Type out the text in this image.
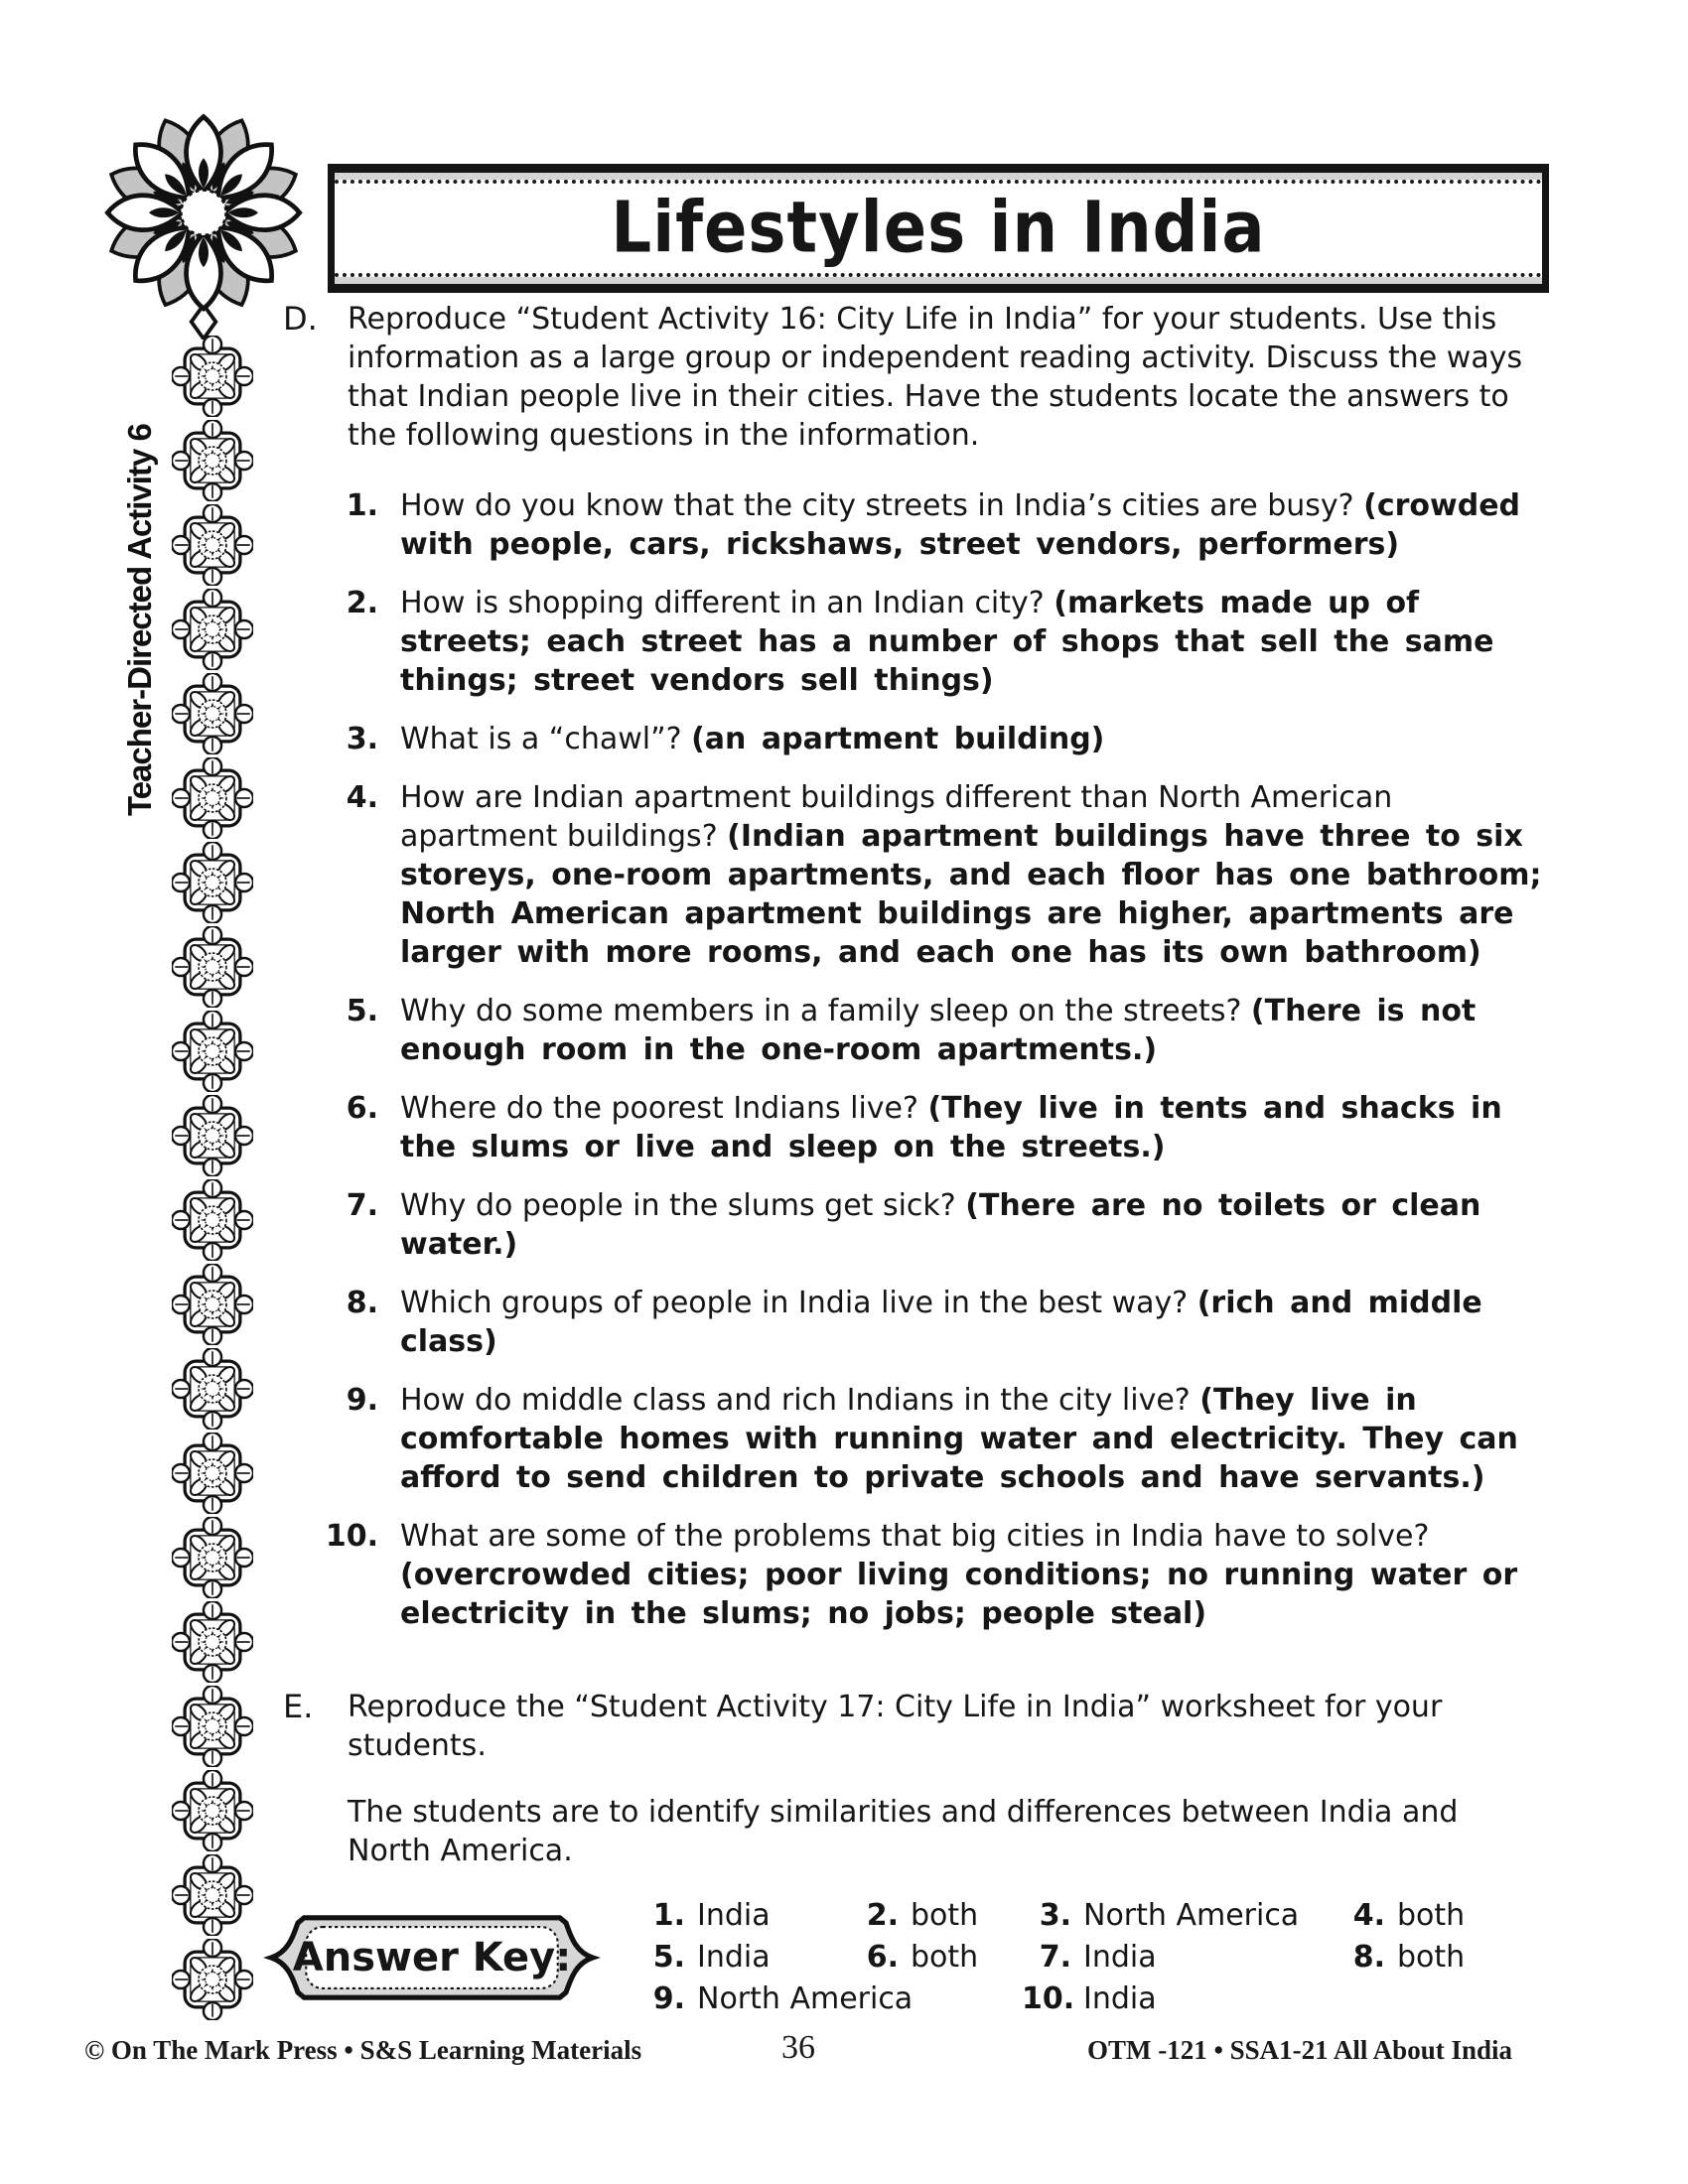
Lifestyles in India
Teacher-Directed Activity 6
D.	Reproduce “Student Activity 16: City Life in India” for your students. Use this information as a large group or independent reading activity. Discuss the ways that Indian people live in their cities. Have the students locate the answers to the following questions in the information.

1. How do you know that the city streets in India’s cities are busy? (crowded with people, cars, rickshaws, street vendors, performers)
2. How is shopping different in an Indian city? (markets made up of streets; each street has a number of shops that sell the same things; street vendors sell things)
3. What is a “chawl”? (an apartment building)
4. How are Indian apartment buildings different than North American apartment buildings? (Indian apartment buildings have three to six storeys, one-room apartments, and each floor has one bathroom; North American apartment buildings are higher, apartments are larger with more rooms, and each one has its own bathroom)
5. Why do some members in a family sleep on the streets? (There is not enough room in the one-room apartments.)
6. Where do the poorest Indians live? (They live in tents and shacks in the slums or live and sleep on the streets.)
7. Why do people in the slums get sick? (There are no toilets or clean water.)
8. Which groups of people in India live in the best way? (rich and middle class)
9. How do middle class and rich Indians in the city live? (They live in comfortable homes with running water and electricity. They can afford to send children to private schools and have servants.)
10. What are some of the problems that big cities in India have to solve? (overcrowded cities; poor living conditions; no running water or electricity in the slums; no jobs; people steal)
E.	Reproduce the “Student Activity 17: City Life in India” worksheet for your students.

The students are to identify similarities and differences between India and North America.

Answer Key:
1. India	2. both	3. North America	4. both
5. India	6. both	7. India	8. both
9. North America	10. India
© On The Mark Press • S&S Learning Materials	36	OTM -121 • SSA1-21 All About India
